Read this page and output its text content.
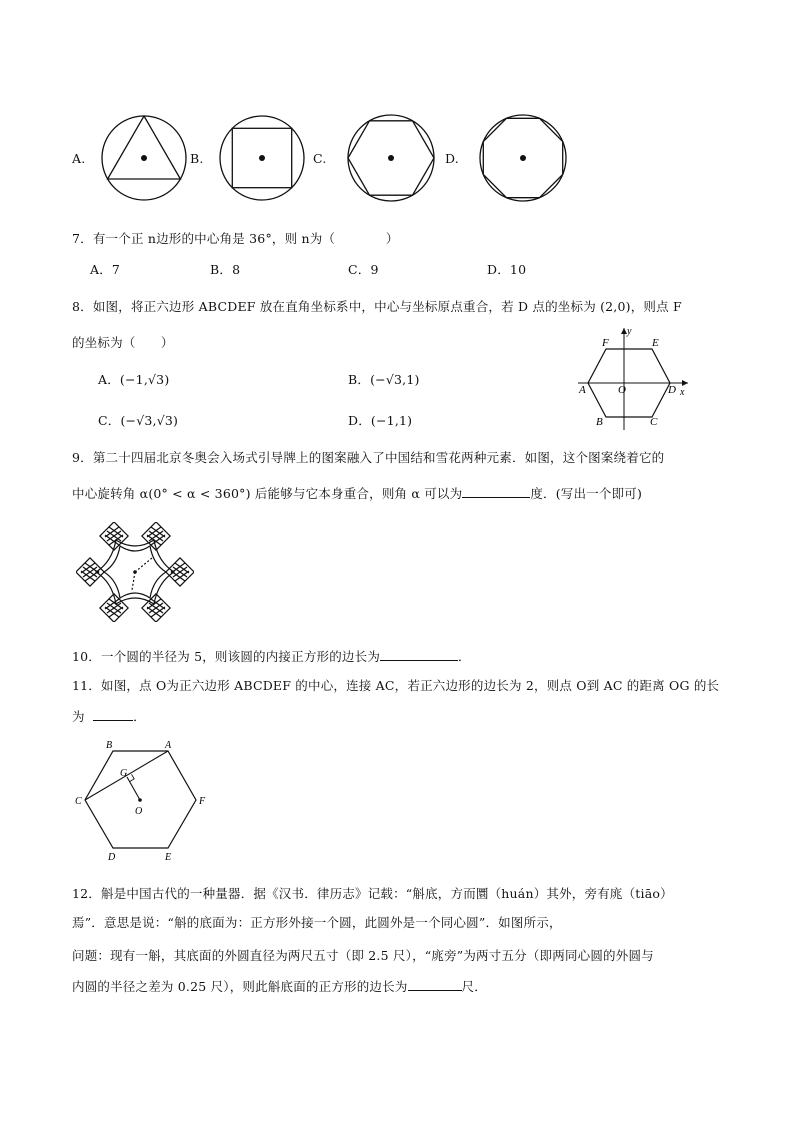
A.	B.	C.	D.
7．有一个正 n边形的中心角是 36°，则 n为（　　　　）
A．7	B．8	C．9	D．10
8．如图，将正六边形 ABCDEF 放在直角坐标系中，中心与坐标原点重合，若 D 点的坐标为 (2,0)，则点 F
的坐标为（　　）
A．(−1,√3)	B．(−√3,1)
C．(−√3,√3)	D．(−1,1)
F	E
y
A	O	D x
B	C
9．第二十四届北京冬奥会入场式引导牌上的图案融入了中国结和雪花两种元素．如图，这个图案绕着它的
中心旋转角 α(0° < α < 360°) 后能够与它本身重合，则角 α 可以为	度．(写出一个即可)
10．一个圆的半径为 5，则该圆的内接正方形的边长为	．
11．如图，点 O为正六边形 ABCDEF 的中心，连接 AC，若正六边形的边长为 2，则点 O到 AC 的距离 OG 的长
为	．
B	A
G
C	F
O
D	E
12．斛是中国古代的一种量器．据《汉书．律历志》记载：“斛底，方而圜（huán）其外，旁有庣（tiāo）
焉”．意思是说：“斛的底面为：正方形外接一个圆，此圆外是一个同心圆”．如图所示，
问题：现有一斛，其底面的外圆直径为两尺五寸（即 2.5 尺），“庣旁”为两寸五分（即两同心圆的外圆与
内圆的半径之差为 0.25 尺），则此斛底面的正方形的边长为	尺．
